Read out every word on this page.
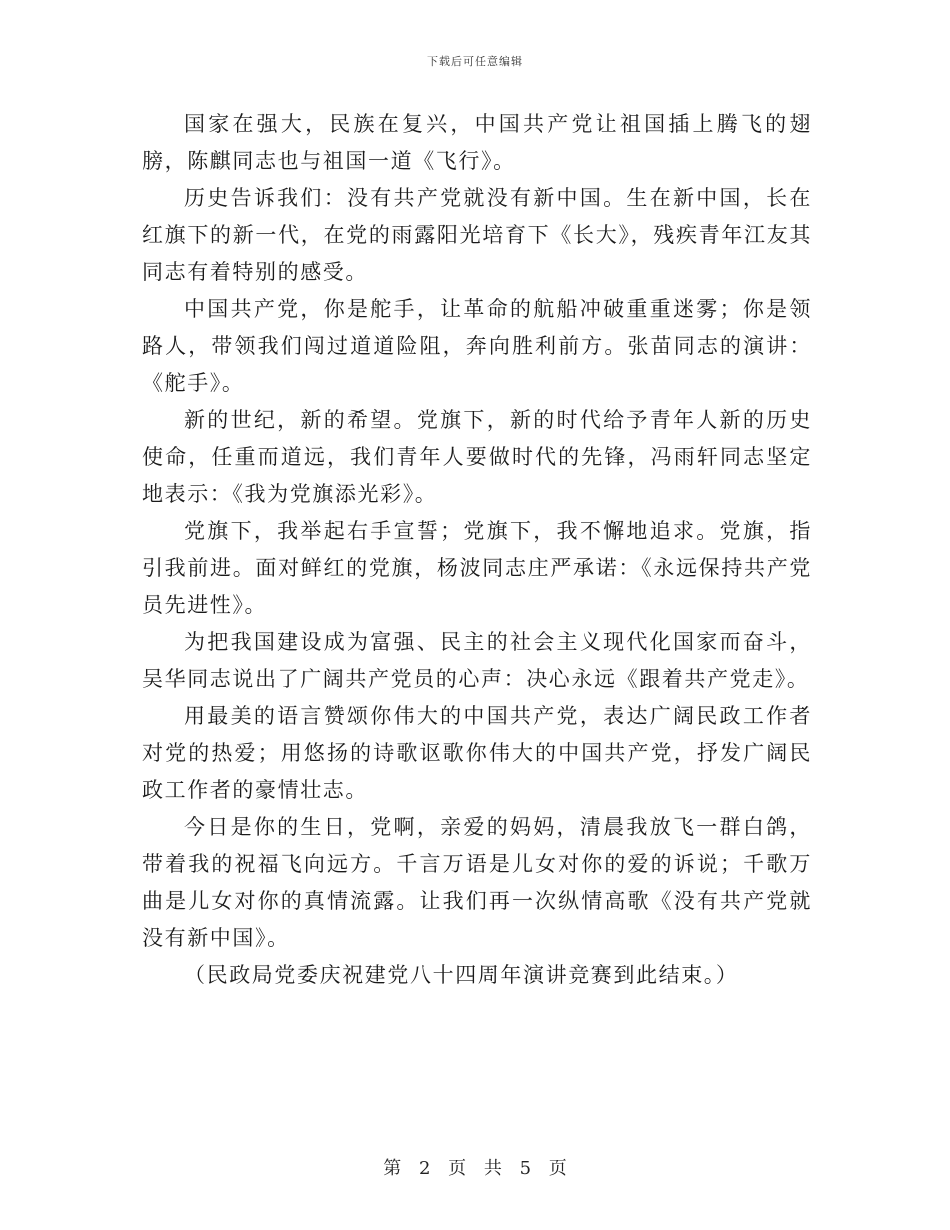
下载后可任意编辑

国家在强大，民族在复兴，中国共产党让祖国插上腾飞的翅膀，陈麒同志也与祖国一道《飞行》。

历史告诉我们：没有共产党就没有新中国。生在新中国，长在红旗下的新一代，在党的雨露阳光培育下《长大》，残疾青年江友其同志有着特别的感受。

中国共产党，你是舵手，让革命的航船冲破重重迷雾；你是领路人，带领我们闯过道道险阻，奔向胜利前方。张苗同志的演讲：《舵手》。

新的世纪，新的希望。党旗下，新的时代给予青年人新的历史使命，任重而道远，我们青年人要做时代的先锋，冯雨轩同志坚定地表示：《我为党旗添光彩》。

党旗下，我举起右手宣誓；党旗下，我不懈地追求。党旗，指引我前进。面对鲜红的党旗，杨波同志庄严承诺：《永远保持共产党员先进性》。

为把我国建设成为富强、民主的社会主义现代化国家而奋斗，吴华同志说出了广阔共产党员的心声：决心永远《跟着共产党走》。

用最美的语言赞颂你伟大的中国共产党，表达广阔民政工作者对党的热爱；用悠扬的诗歌讴歌你伟大的中国共产党，抒发广阔民政工作者的豪情壮志。

今日是你的生日，党啊，亲爱的妈妈，清晨我放飞一群白鸽，带着我的祝福飞向远方。千言万语是儿女对你的爱的诉说；千歌万曲是儿女对你的真情流露。让我们再一次纵情高歌《没有共产党就没有新中国》。

（民政局党委庆祝建党八十四周年演讲竞赛到此结束。）

第 2 页 共 5 页
